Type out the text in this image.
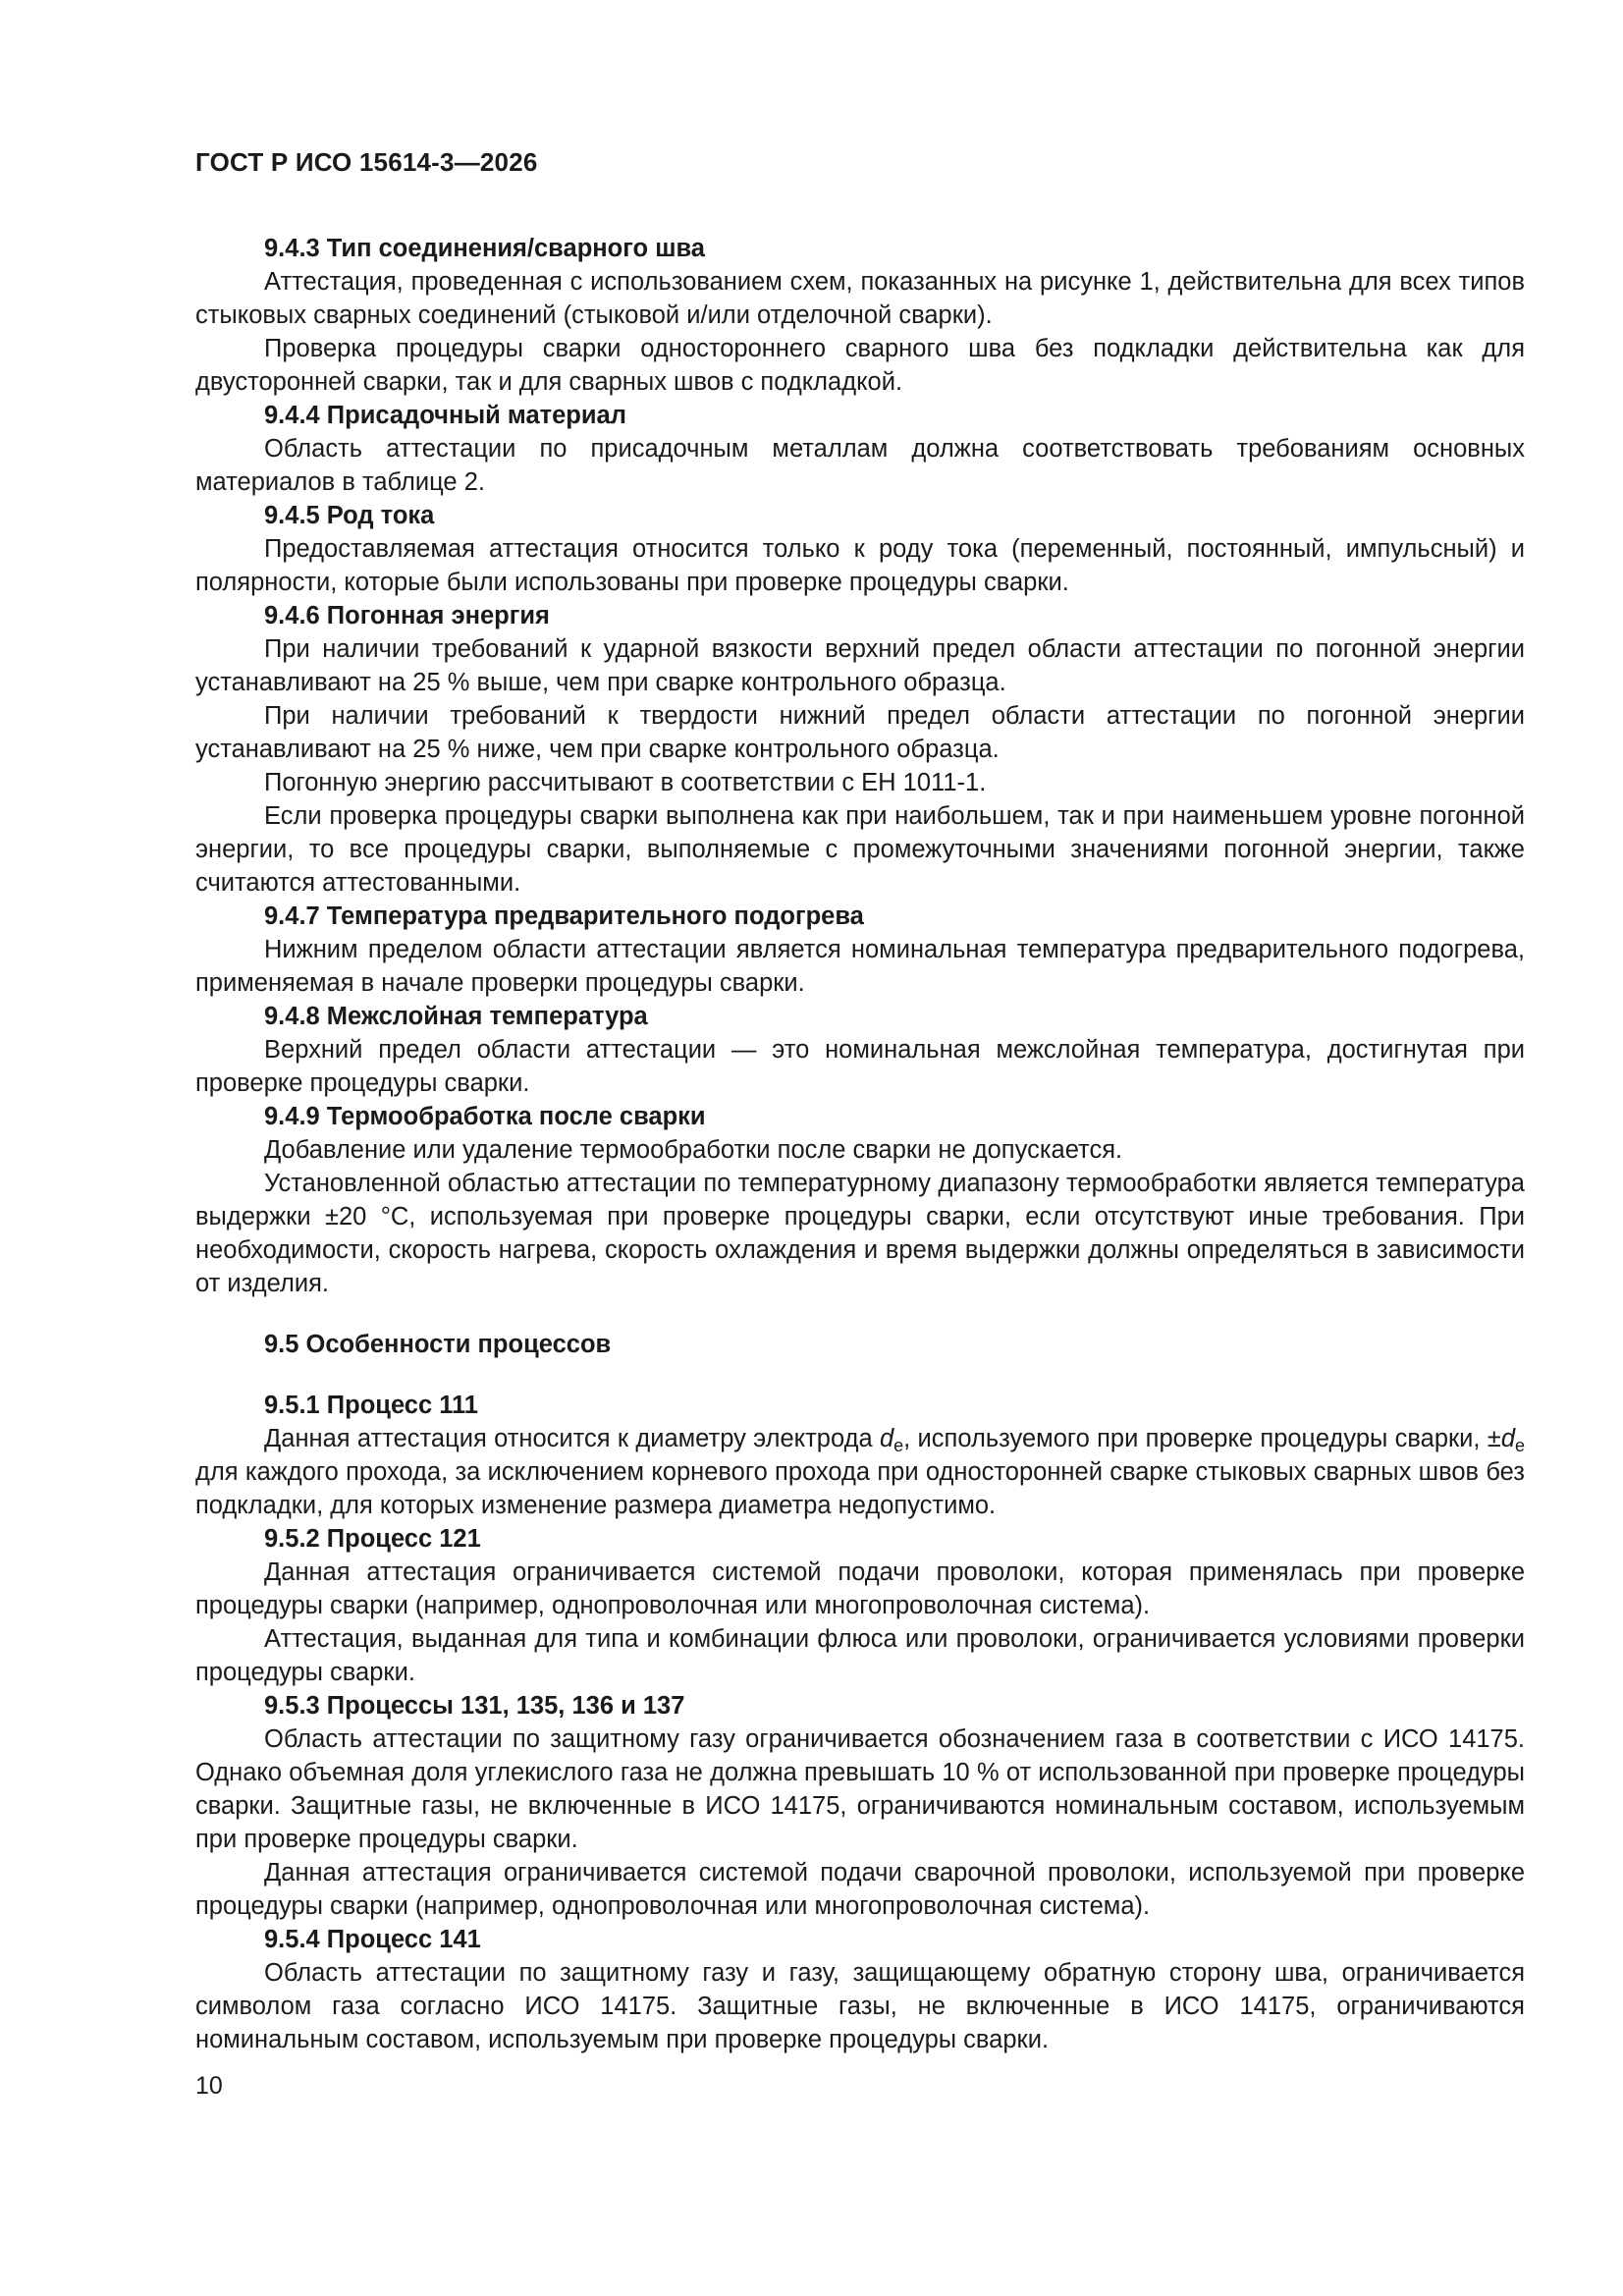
ГОСТ Р ИСО 15614-3—2026
9.4.3 Тип соединения/сварного шва

Аттестация, проведенная с использованием схем, показанных на рисунке 1, действительна для всех типов стыковых сварных соединений (стыковой и/или отделочной сварки).

Проверка процедуры сварки одностороннего сварного шва без подкладки действительна как для двусторонней сварки, так и для сварных швов с подкладкой.

9.4.4 Присадочный материал

Область аттестации по присадочным металлам должна соответствовать требованиям основных материалов в таблице 2.

9.4.5 Род тока

Предоставляемая аттестация относится только к роду тока (переменный, постоянный, импульсный) и полярности, которые были использованы при проверке процедуры сварки.

9.4.6 Погонная энергия

При наличии требований к ударной вязкости верхний предел области аттестации по погонной энергии устанавливают на 25 % выше, чем при сварке контрольного образца.

При наличии требований к твердости нижний предел области аттестации по погонной энергии устанавливают на 25 % ниже, чем при сварке контрольного образца.

Погонную энергию рассчитывают в соответствии с ЕН 1011-1.

Если проверка процедуры сварки выполнена как при наибольшем, так и при наименьшем уровне погонной энергии, то все процедуры сварки, выполняемые с промежуточными значениями погонной энергии, также считаются аттестованными.

9.4.7 Температура предварительного подогрева

Нижним пределом области аттестации является номинальная температура предварительного подогрева, применяемая в начале проверки процедуры сварки.

9.4.8 Межслойная температура

Верхний предел области аттестации — это номинальная межслойная температура, достигнутая при проверке процедуры сварки.

9.4.9 Термообработка после сварки

Добавление или удаление термообработки после сварки не допускается.

Установленной областью аттестации по температурному диапазону термообработки является температура выдержки ±20 °C, используемая при проверке процедуры сварки, если отсутствуют иные требования. При необходимости, скорость нагрева, скорость охлаждения и время выдержки должны определяться в зависимости от изделия.

9.5 Особенности процессов
9.5.1 Процесс 111

Данная аттестация относится к диаметру электрода $d_e$, используемого при проверке процедуры сварки, $\pm d_e$ для каждого прохода, за исключением корневого прохода при односторонней сварке стыковых сварных швов без подкладки, для которых изменение размера диаметра недопустимо.

9.5.2 Процесс 121

Данная аттестация ограничивается системой подачи проволоки, которая применялась при проверке процедуры сварки (например, однопроволочная или многопроволочная система).

Аттестация, выданная для типа и комбинации флюса или проволоки, ограничивается условиями проверки процедуры сварки.

9.5.3 Процессы 131, 135, 136 и 137

Область аттестации по защитному газу ограничивается обозначением газа в соответствии с ИСО 14175. Однако объемная доля углекислого газа не должна превышать 10 % от использованной при проверке процедуры сварки. Защитные газы, не включенные в ИСО 14175, ограничиваются номинальным составом, используемым при проверке процедуры сварки.

Данная аттестация ограничивается системой подачи сварочной проволоки, используемой при проверке процедуры сварки (например, однопроволочная или многопроволочная система).

9.5.4 Процесс 141

Область аттестации по защитному газу и газу, защищающему обратную сторону шва, ограничивается символом газа согласно ИСО 14175. Защитные газы, не включенные в ИСО 14175, ограничиваются номинальным составом, используемым при проверке процедуры сварки.

10
